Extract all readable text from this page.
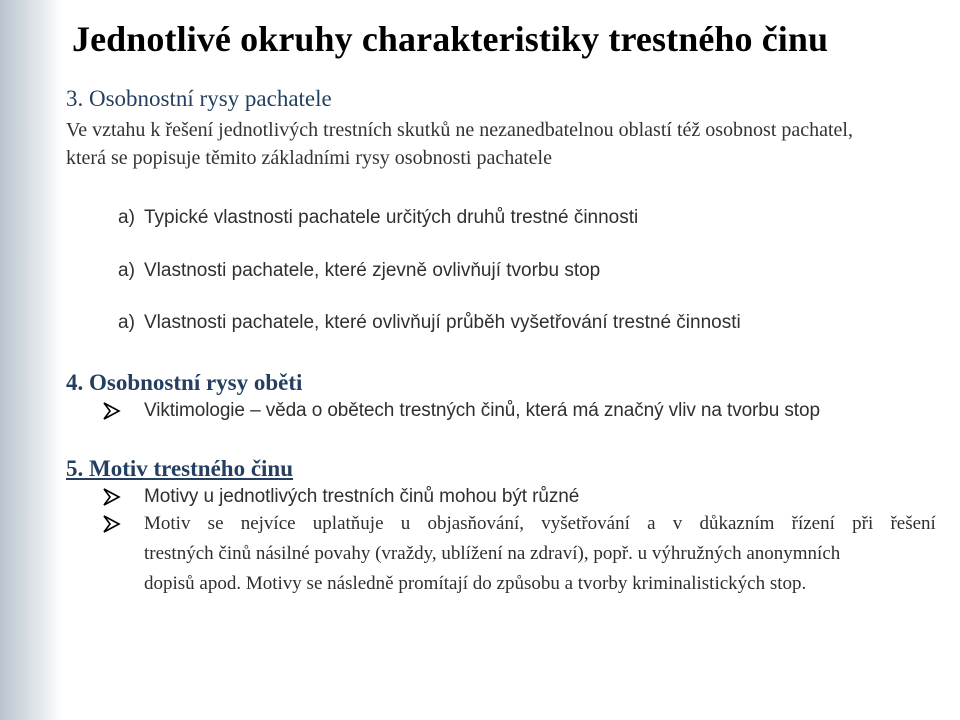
Jednotlivé okruhy charakteristiky trestného činu
3. Osobnostní rysy pachatele

Ve vztahu k řešení jednotlivých trestních skutků ne nezanedbatelnou oblastí též osobnost pachatel,
která se popisuje těmito základními rysy osobnosti pachatele

a) Typické vlastnosti pachatele určitých druhů trestné činnosti
a) Vlastnosti pachatele, které zjevně ovlivňují tvorbu stop
a) Vlastnosti pachatele, které ovlivňují průběh vyšetřování trestné činnosti
4. Osobnostní rysy oběti
Viktimologie – věda o obětech trestných činů, která má značný vliv na tvorbu stop
5. Motiv trestného činu
Motivy u jednotlivých trestních činů mohou být různé
Motiv se nejvíce uplatňuje u objasňování, vyšetřování a v důkazním řízení při řešení
trestných činů násilné povahy (vraždy, ublížení na zdraví), popř. u výhružných anonymních
dopisů apod. Motivy se následně promítají do způsobu a tvorby kriminalistických stop.
